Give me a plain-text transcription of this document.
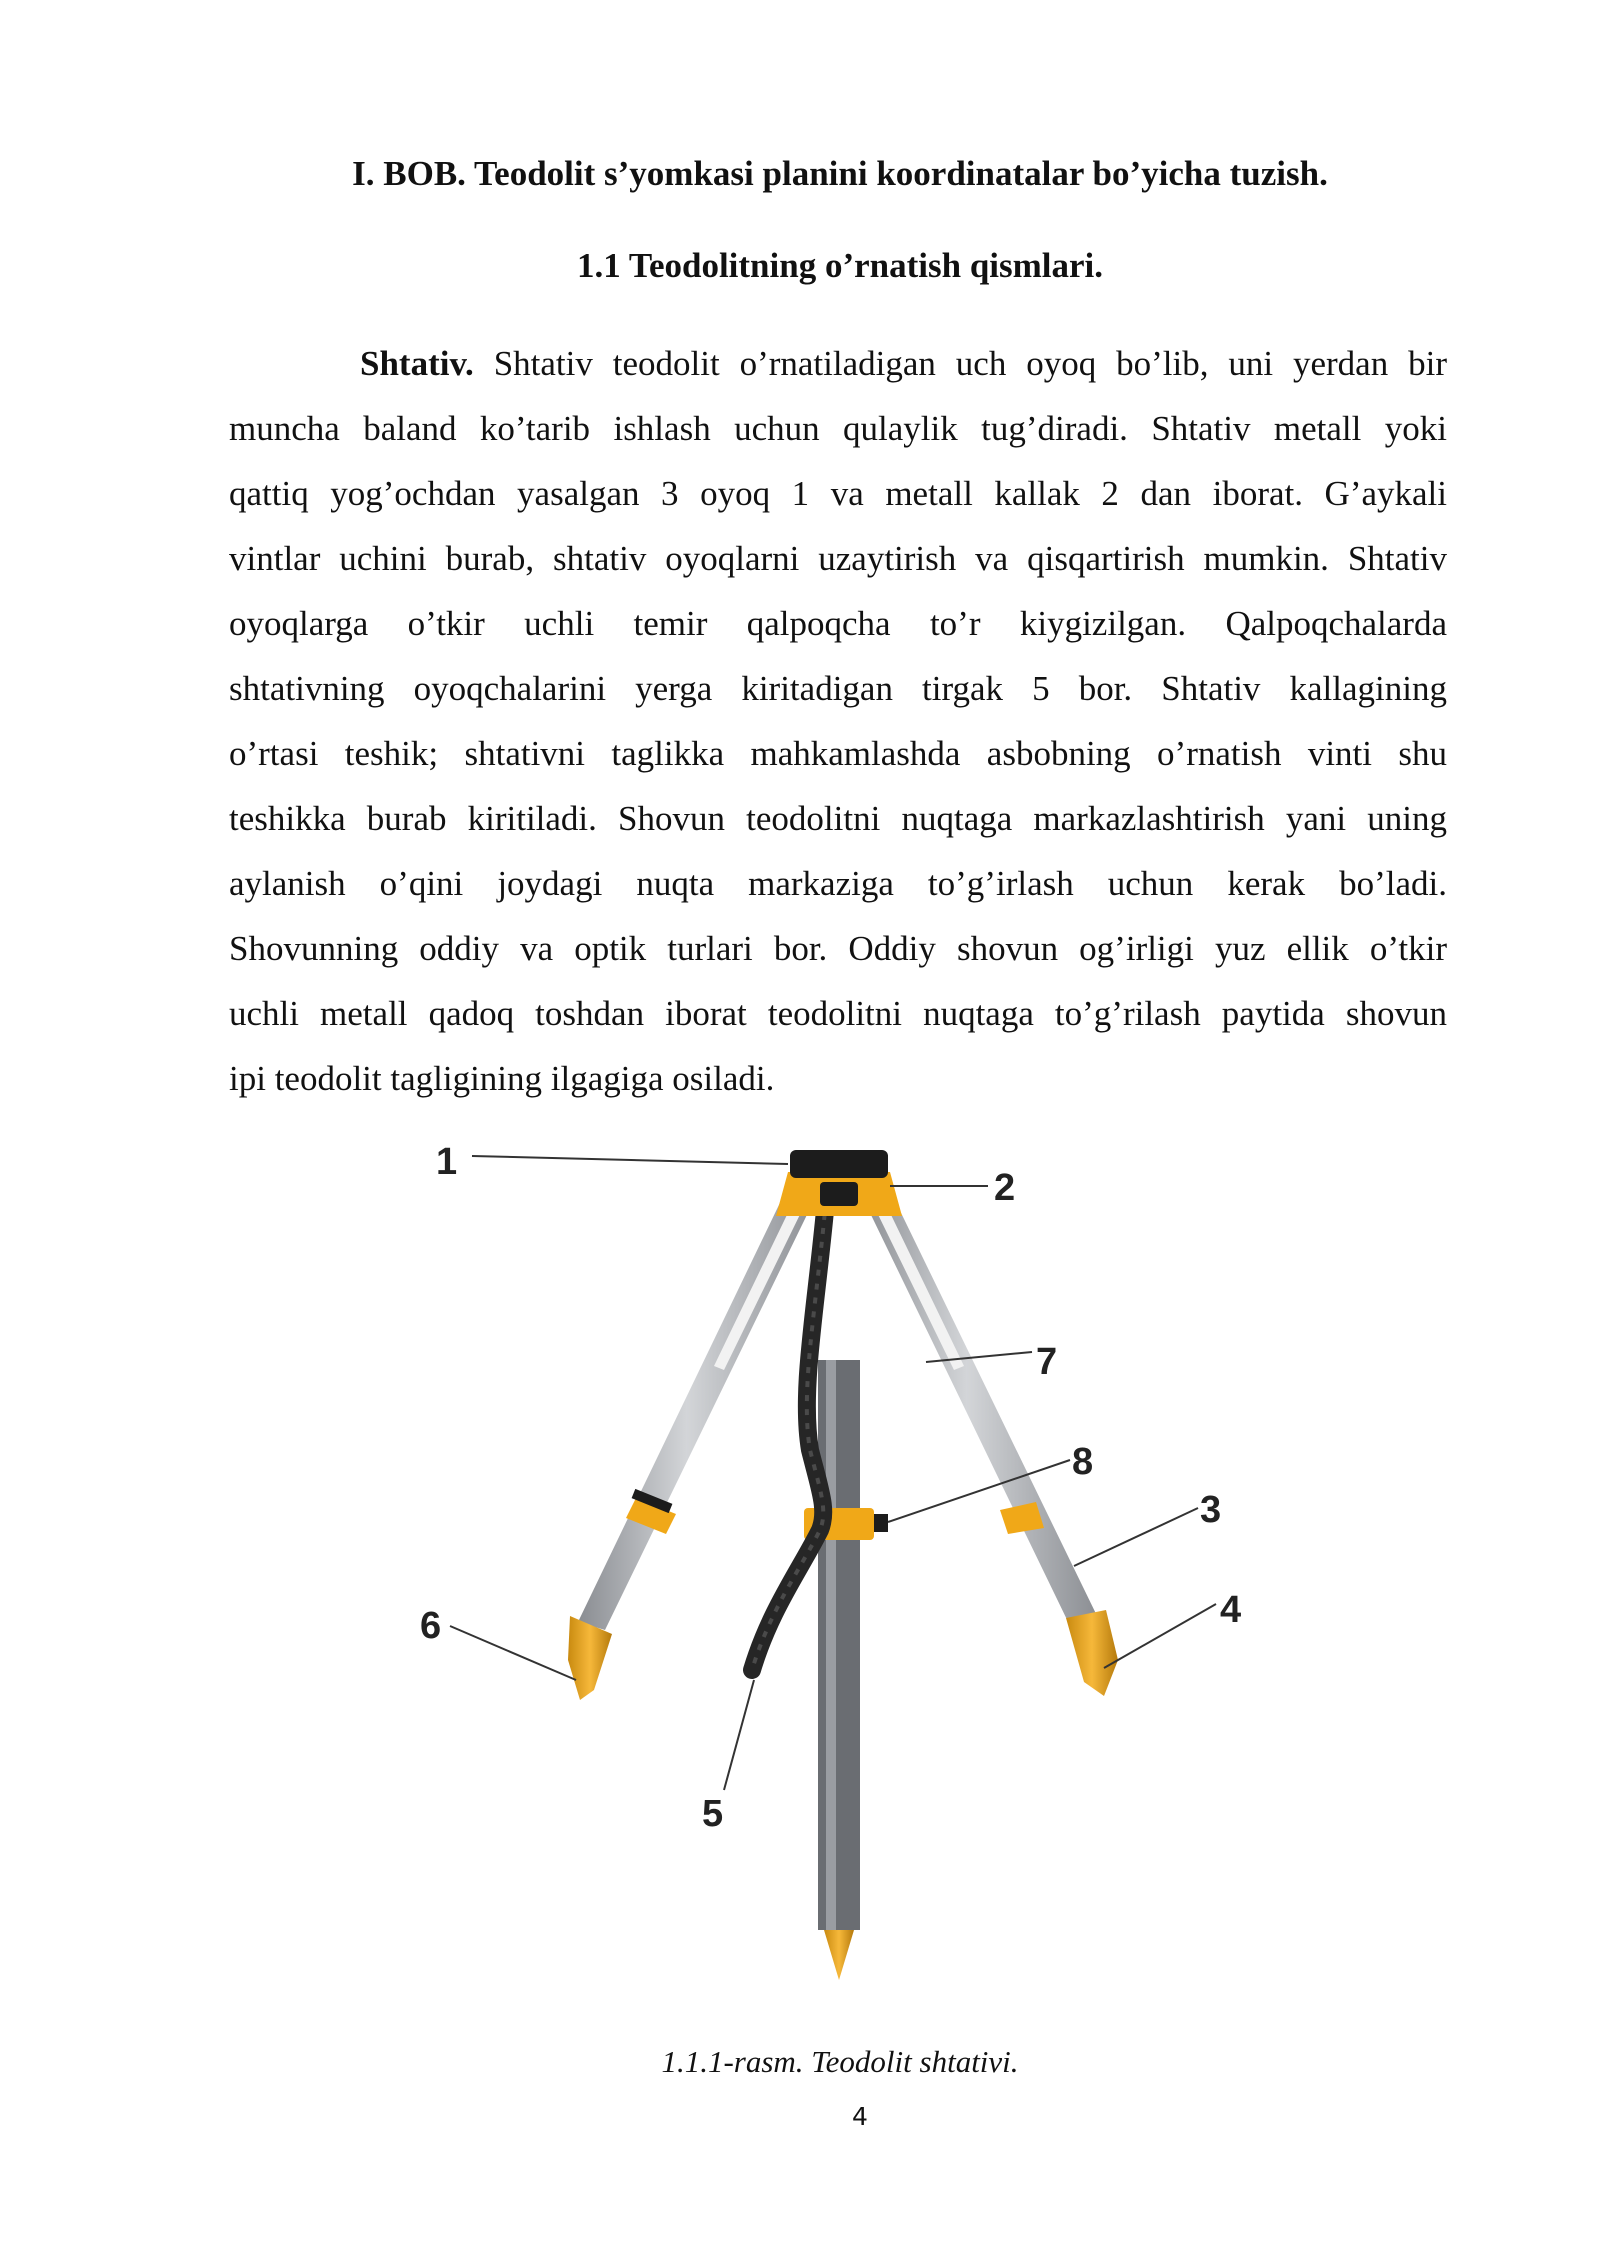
I. BOB. Teodolit s’yomkasi planini koordinatalar bo’yicha tuzish.
1.1 Teodolitning o’rnatish qismlari.
Shtativ. Shtativ teodolit o’rnatiladigan uch oyoq bo’lib, uni yerdan bir
muncha baland ko’tarib ishlash uchun qulaylik tug’diradi. Shtativ metall yoki
qattiq yog’ochdan yasalgan 3 oyoq 1 va metall kallak 2 dan iborat. G’aykali
vintlar uchini burab, shtativ oyoqlarni uzaytirish va qisqartirish mumkin. Shtativ
oyoqlarga o’tkir uchli temir qalpoqcha to’r kiygizilgan. Qalpoqchalarda
shtativning oyoqchalarini yerga kiritadigan tirgak 5 bor. Shtativ kallagining
o’rtasi teshik; shtativni taglikka mahkamlashda asbobning o’rnatish vinti shu
teshikka burab kiritiladi. Shovun teodolitni nuqtaga markazlashtirish yani uning
aylanish o’qini joydagi nuqta markaziga to’g’irlash uchun kerak bo’ladi.
Shovunning oddiy va optik turlari bor. Oddiy shovun og’irligi yuz ellik o’tkir
uchli metall qadoq toshdan iborat teodolitni nuqtaga to’g’rilash paytida shovun
ipi teodolit tagligining ilgagiga osiladi.
1
2
7
8
3
6	4
5
1.1.1-rasm. Teodolit shtativi.
4
